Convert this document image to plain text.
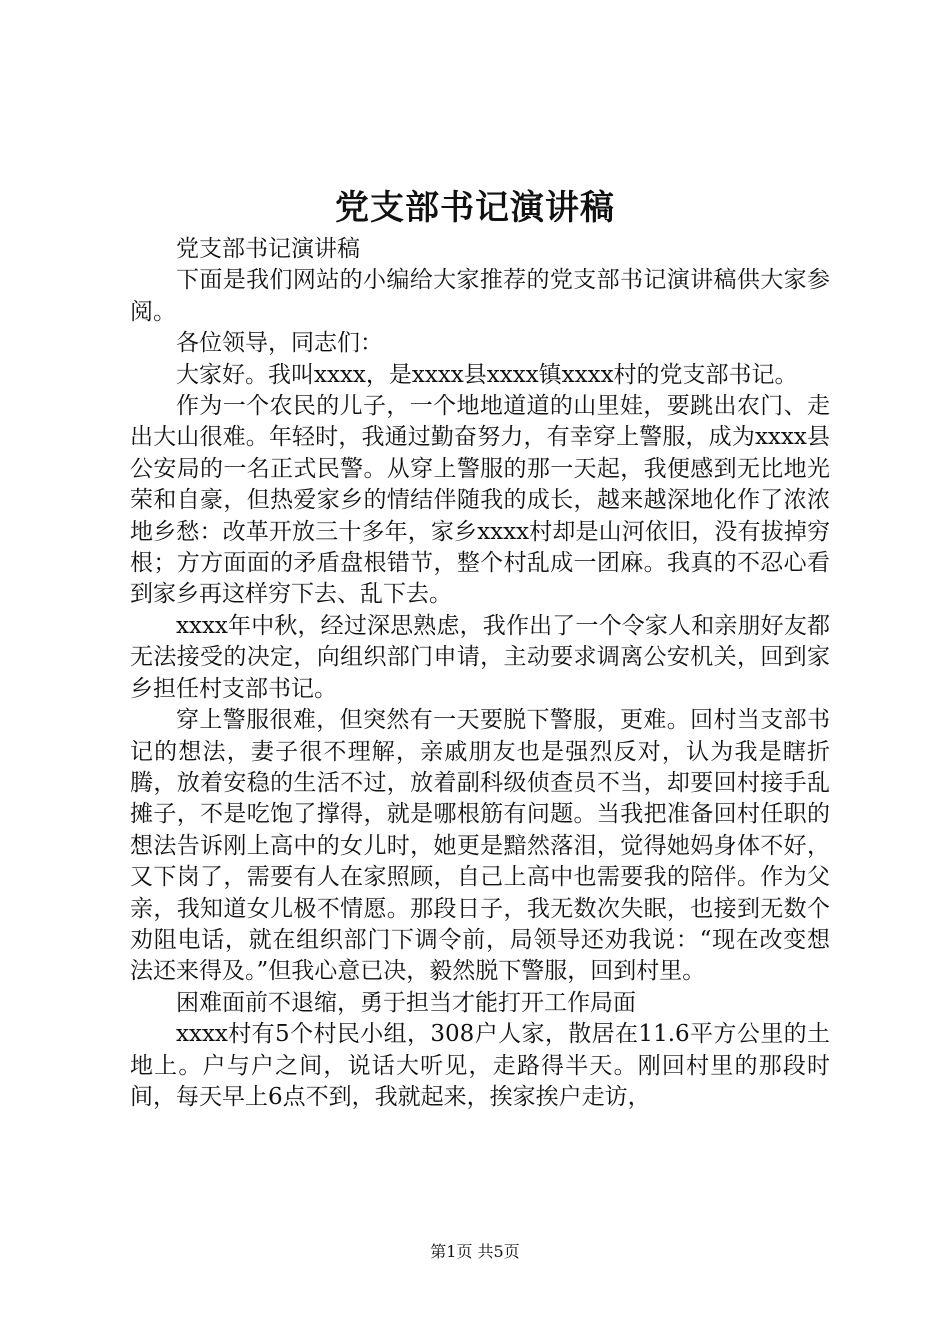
党支部书记演讲稿

党支部书记演讲稿

下面是我们网站的小编给大家推荐的党支部书记演讲稿供大家参阅。

各位领导，同志们：

大家好。我叫xxxx，是xxxx县xxxx镇xxxx村的党支部书记。

作为一个农民的儿子，一个地地道道的山里娃，要跳出农门、走出大山很难。年轻时，我通过勤奋努力，有幸穿上警服，成为xxxx县公安局的一名正式民警。从穿上警服的那一天起，我便感到无比地光荣和自豪，但热爱家乡的情结伴随我的成长，越来越深地化作了浓浓地乡愁：改革开放三十多年，家乡xxxx村却是山河依旧，没有拔掉穷根；方方面面的矛盾盘根错节，整个村乱成一团麻。我真的不忍心看到家乡再这样穷下去、乱下去。

xxxx年中秋，经过深思熟虑，我作出了一个令家人和亲朋好友都无法接受的决定，向组织部门申请，主动要求调离公安机关，回到家乡担任村支部书记。

穿上警服很难，但突然有一天要脱下警服，更难。回村当支部书记的想法，妻子很不理解，亲戚朋友也是强烈反对，认为我是瞎折腾，放着安稳的生活不过，放着副科级侦查员不当，却要回村接手乱摊子，不是吃饱了撑得，就是哪根筋有问题。当我把准备回村任职的想法告诉刚上高中的女儿时，她更是黯然落泪，觉得她妈身体不好，又下岗了，需要有人在家照顾，自己上高中也需要我的陪伴。作为父亲，我知道女儿极不情愿。那段日子，我无数次失眠，也接到无数个劝阻电话，就在组织部门下调令前，局领导还劝我说：“现在改变想法还来得及。”但我心意已决，毅然脱下警服，回到村里。

困难面前不退缩，勇于担当才能打开工作局面

xxxx村有5个村民小组，308户人家，散居在11.6平方公里的土地上。户与户之间，说话大听见，走路得半天。刚回村里的那段时间，每天早上6点不到，我就起来，挨家挨户走访，

第1页 共5页
